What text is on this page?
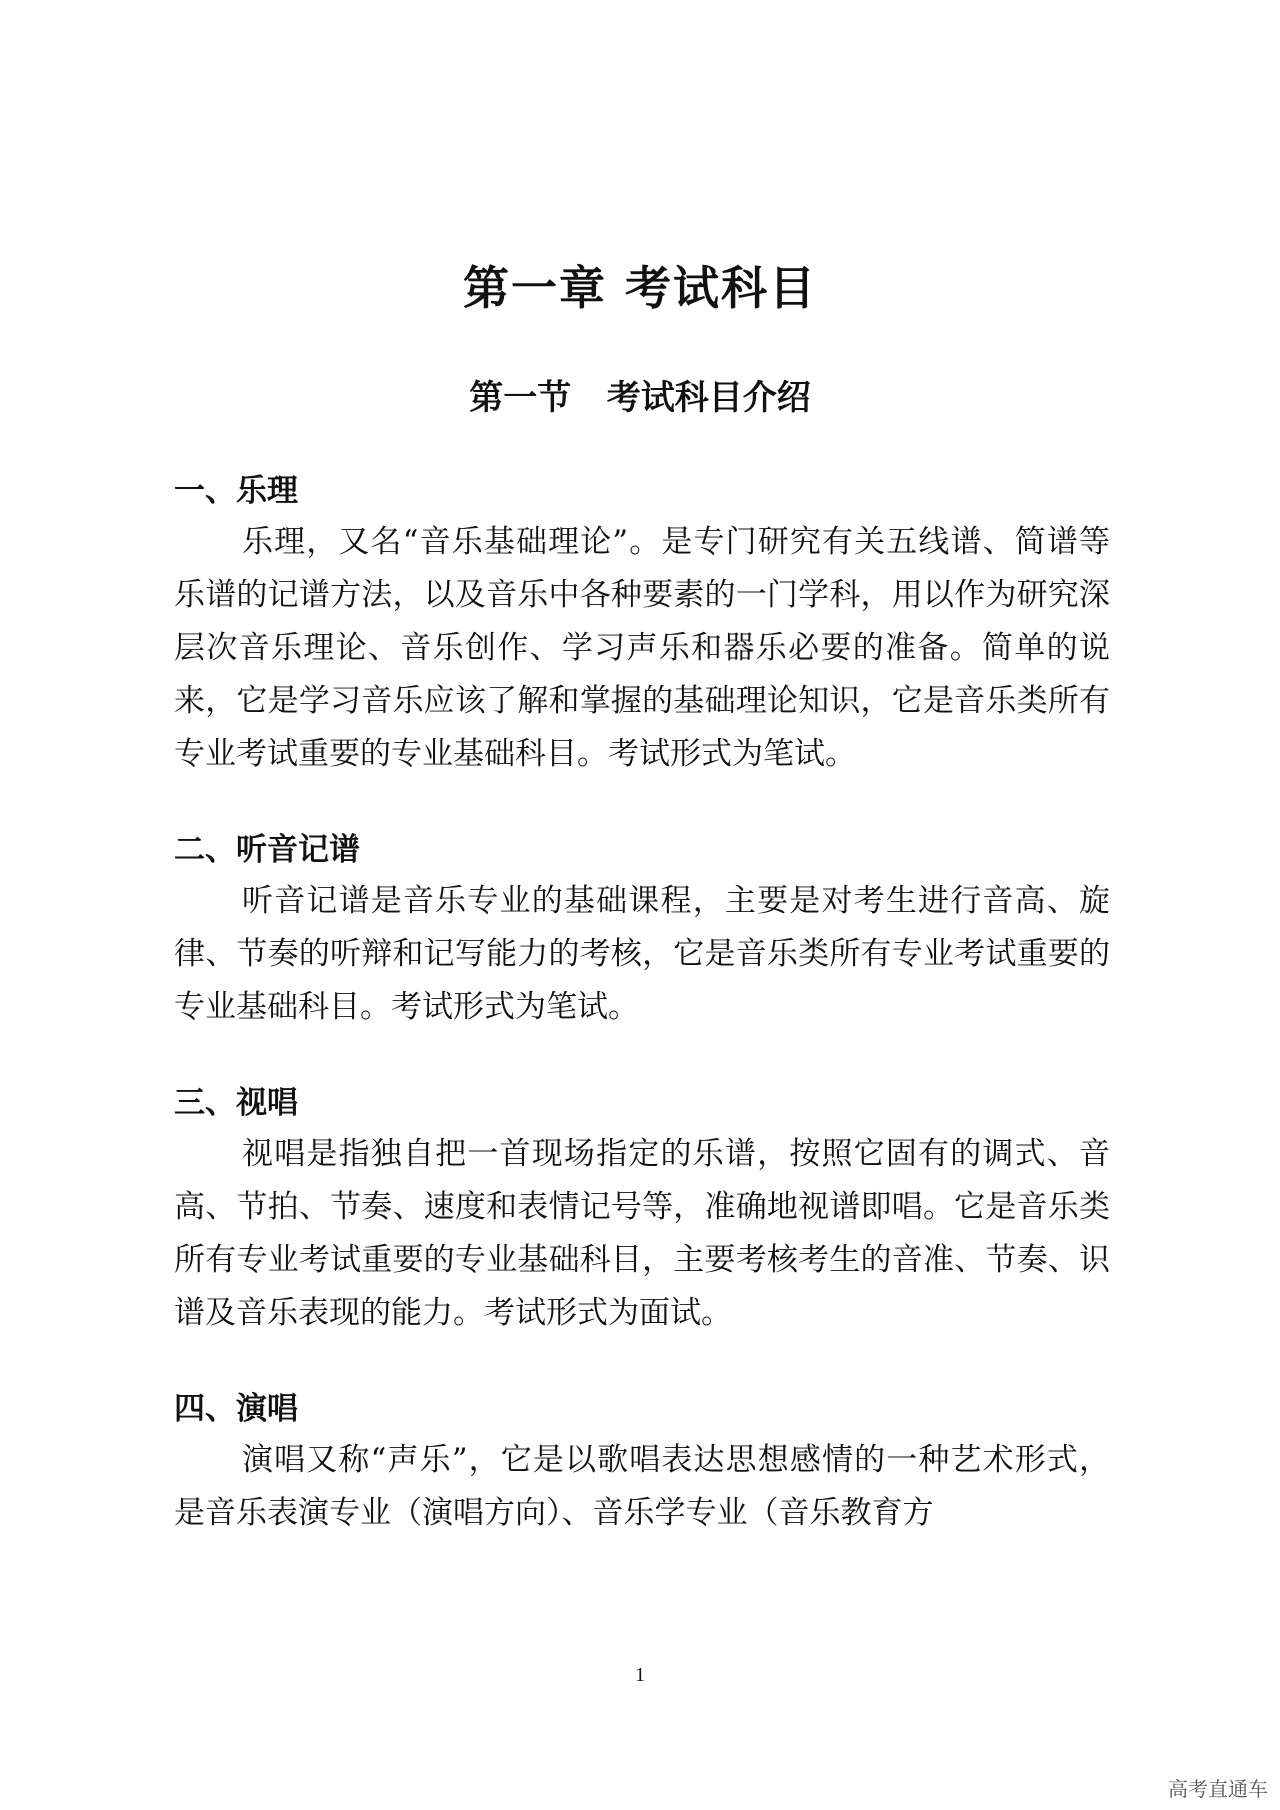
第一章 考试科目
第一节   考试科目介绍
一、乐理

乐理，又名“音乐基础理论”。是专门研究有关五线谱、简谱等乐谱的记谱方法，以及音乐中各种要素的一门学科，用以作为研究深层次音乐理论、音乐创作、学习声乐和器乐必要的准备。简单的说来，它是学习音乐应该了解和掌握的基础理论知识，它是音乐类所有专业考试重要的专业基础科目。考试形式为笔试。

二、听音记谱

听音记谱是音乐专业的基础课程，主要是对考生进行音高、旋律、节奏的听辩和记写能力的考核，它是音乐类所有专业考试重要的专业基础科目。考试形式为笔试。

三、视唱

视唱是指独自把一首现场指定的乐谱，按照它固有的调式、音高、节拍、节奏、速度和表情记号等，准确地视谱即唱。它是音乐类所有专业考试重要的专业基础科目，主要考核考生的音准、节奏、识谱及音乐表现的能力。考试形式为面试。

四、演唱

演唱又称“声乐”，它是以歌唱表达思想感情的一种艺术形式，是音乐表演专业（演唱方向）、音乐学专业（音乐教育方

1
高考直通车
